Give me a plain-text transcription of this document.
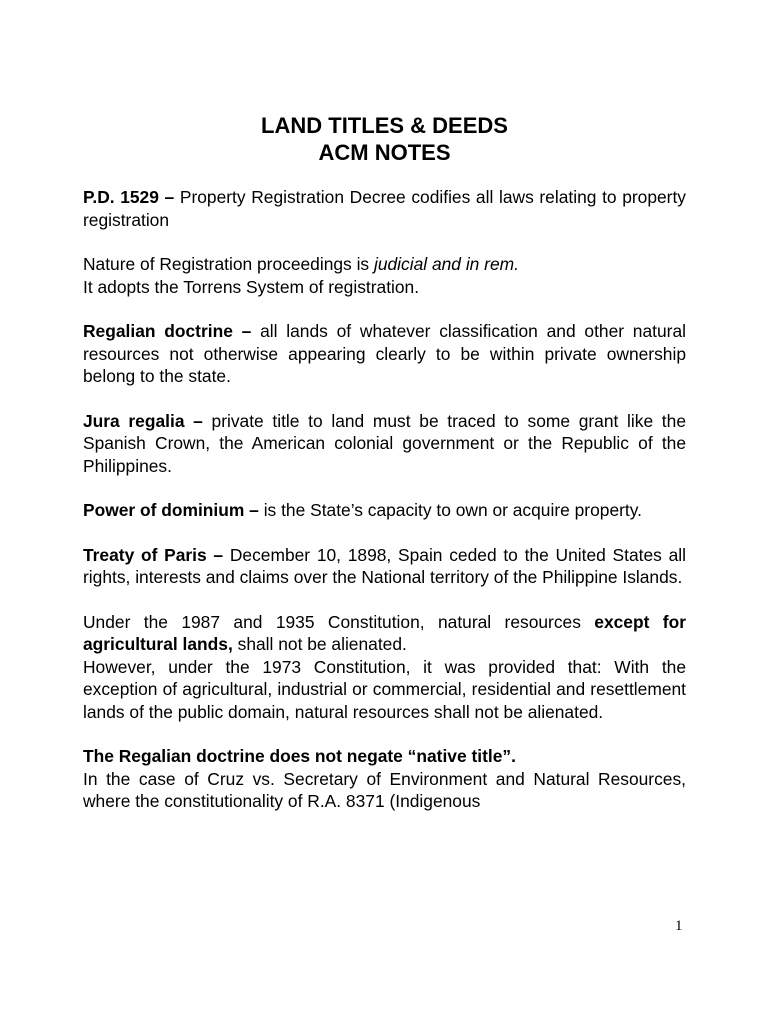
LAND TITLES & DEEDS

ACM NOTES

P.D. 1529 – Property Registration Decree codifies all laws relating to property registration

Nature of Registration proceedings is judicial and in rem.

It adopts the Torrens System of registration.

Regalian doctrine – all lands of whatever classification and other natural resources not otherwise appearing clearly to be within private ownership belong to the state.

Jura regalia – private title to land must be traced to some grant like the Spanish Crown, the American colonial government or the Republic of the Philippines.

Power of dominium – is the State’s capacity to own or acquire property.

Treaty of Paris – December 10, 1898, Spain ceded to the United States all rights, interests and claims over the National territory of the Philippine Islands.

Under the 1987 and 1935 Constitution, natural resources except for agricultural lands, shall not be alienated.

However, under the 1973 Constitution, it was provided that: With the exception of agricultural, industrial or commercial, residential and resettlement lands of the public domain, natural resources shall not be alienated.

The Regalian doctrine does not negate “native title”.

In the case of Cruz vs. Secretary of Environment and Natural Resources, where the constitutionality of R.A. 8371 (Indigenous

1
